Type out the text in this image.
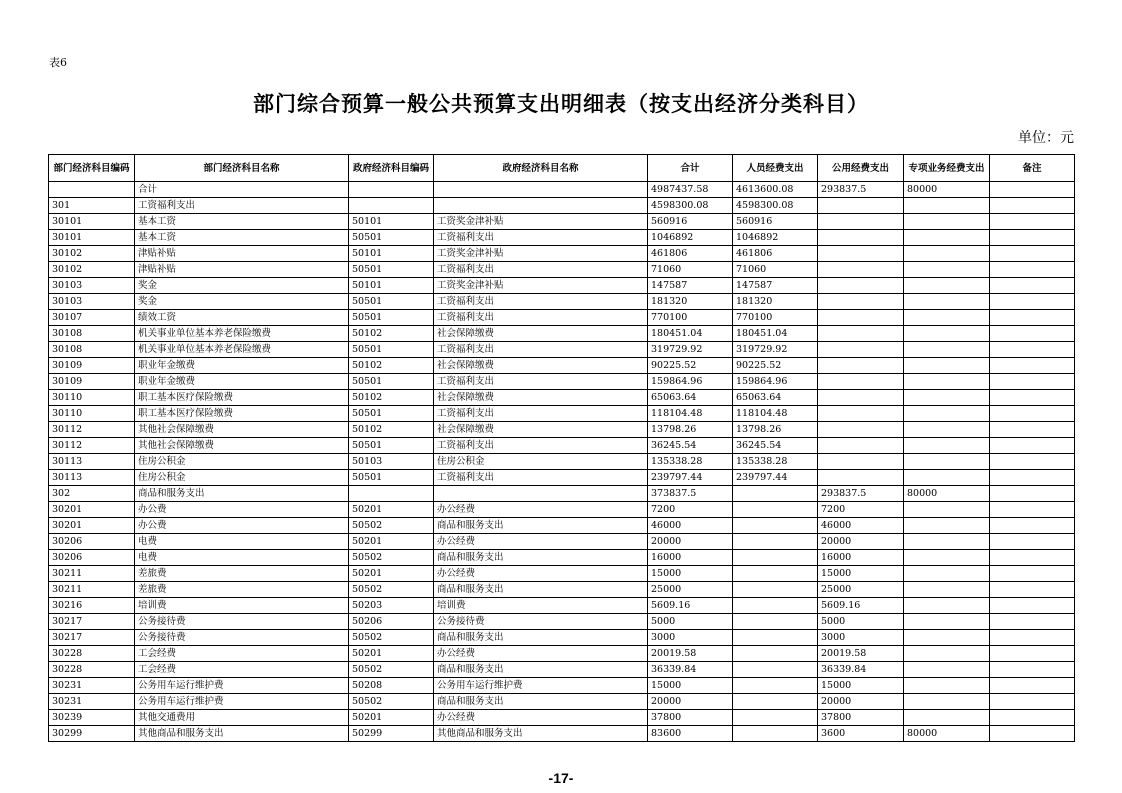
表6
部门综合预算一般公共预算支出明细表（按支出经济分类科目）
单位：元
部门经济科目编码	部门经济科目名称	政府经济科目编码	政府经济科目名称	合计	人员经费支出	公用经费支出	专项业务经费支出	备注
	合计			4987437.58	4613600.08	293837.5	80000	
301	工资福利支出			4598300.08	4598300.08			
30101	基本工资	50101	工资奖金津补贴	560916	560916			
30101	基本工资	50501	工资福利支出	1046892	1046892			
30102	津贴补贴	50101	工资奖金津补贴	461806	461806			
30102	津贴补贴	50501	工资福利支出	71060	71060			
30103	奖金	50101	工资奖金津补贴	147587	147587			
30103	奖金	50501	工资福利支出	181320	181320			
30107	绩效工资	50501	工资福利支出	770100	770100			
30108	机关事业单位基本养老保险缴费	50102	社会保障缴费	180451.04	180451.04			
30108	机关事业单位基本养老保险缴费	50501	工资福利支出	319729.92	319729.92			
30109	职业年金缴费	50102	社会保障缴费	90225.52	90225.52			
30109	职业年金缴费	50501	工资福利支出	159864.96	159864.96			
30110	职工基本医疗保险缴费	50102	社会保障缴费	65063.64	65063.64			
30110	职工基本医疗保险缴费	50501	工资福利支出	118104.48	118104.48			
30112	其他社会保障缴费	50102	社会保障缴费	13798.26	13798.26			
30112	其他社会保障缴费	50501	工资福利支出	36245.54	36245.54			
30113	住房公积金	50103	住房公积金	135338.28	135338.28			
30113	住房公积金	50501	工资福利支出	239797.44	239797.44			
302	商品和服务支出			373837.5		293837.5	80000	
30201	办公费	50201	办公经费	7200		7200		
30201	办公费	50502	商品和服务支出	46000		46000		
30206	电费	50201	办公经费	20000		20000		
30206	电费	50502	商品和服务支出	16000		16000		
30211	差旅费	50201	办公经费	15000		15000		
30211	差旅费	50502	商品和服务支出	25000		25000		
30216	培训费	50203	培训费	5609.16		5609.16		
30217	公务接待费	50206	公务接待费	5000		5000		
30217	公务接待费	50502	商品和服务支出	3000		3000		
30228	工会经费	50201	办公经费	20019.58		20019.58		
30228	工会经费	50502	商品和服务支出	36339.84		36339.84		
30231	公务用车运行维护费	50208	公务用车运行维护费	15000		15000		
30231	公务用车运行维护费	50502	商品和服务支出	20000		20000		
30239	其他交通费用	50201	办公经费	37800		37800		
30299	其他商品和服务支出	50299	其他商品和服务支出	83600		3600	80000	
-17-
